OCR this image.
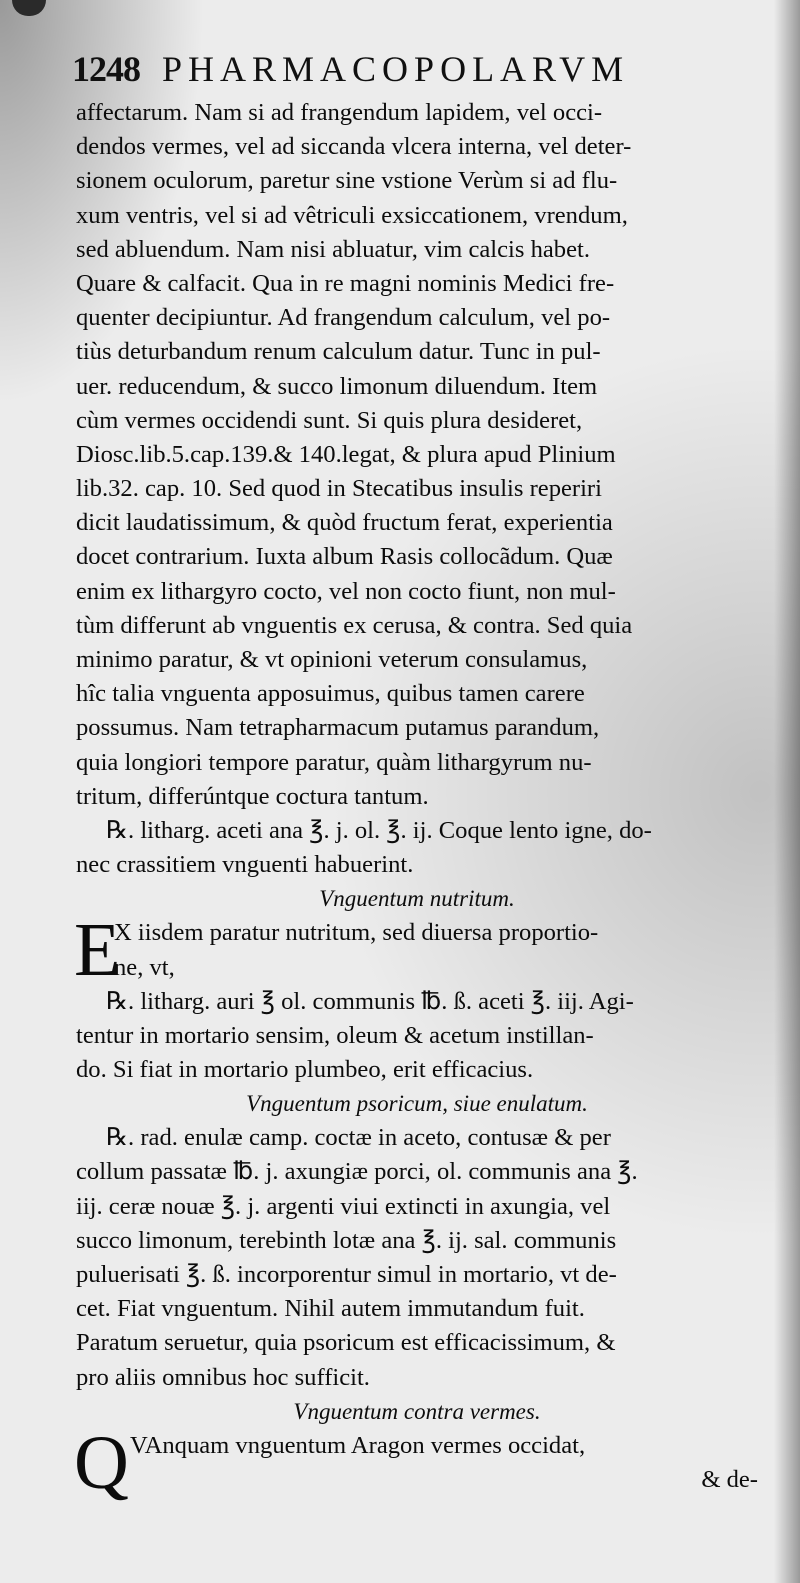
1248 PHARMACOPOLARVM
affectarum. Nam si ad frangendum lapidem, vel occi-
dendos vermes, vel ad siccanda vlcera interna, vel deter-
sionem oculorum, paretur sine vstione Verùm si ad flu-
xum ventris, vel si ad vêtriculi exsiccationem, vrendum,
sed abluendum. Nam nisi abluatur, vim calcis habet.
Quare & calfacit. Qua in re magni nominis Medici fre-
quenter decipiuntur. Ad frangendum calculum, vel po-
tiùs deturbandum renum calculum datur. Tunc in pul-
uer. reducendum, & succo limonum diluendum. Item
cùm vermes occidendi sunt. Si quis plura desideret,
Diosc.lib.5.cap.139.& 140.legat, & plura apud Plinium
lib.32. cap. 10. Sed quod in Stecatibus insulis reperiri
dicit laudatissimum, & quòd fructum ferat, experientia
docet contrarium. Iuxta album Rasis collocãdum. Quæ
enim ex lithargyro cocto, vel non cocto fiunt, non mul-
tùm differunt ab vnguentis ex cerusa, & contra. Sed quia
minimo paratur, & vt opinioni veterum consulamus,
hîc talia vnguenta apposuimus, quibus tamen carere
possumus. Nam tetrapharmacum putamus parandum,
quia longiori tempore paratur, quàm lithargyrum nu-
tritum, differúntque coctura tantum.
℞. litharg. aceti ana ℥. j. ol. ℥. ij. Coque lento igne, do-
nec crassitiem vnguenti habuerint.
Vnguentum nutritum.
E
X iisdem paratur nutritum, sed diuersa proportio-
ne, vt,
℞. litharg. auri ℥ ol. communis ℔. ß. aceti ℥. iij. Agi-
tentur in mortario sensim, oleum & acetum instillan-
do. Si fiat in mortario plumbeo, erit efficacius.
Vnguentum psoricum, siue enulatum.
℞. rad. enulæ camp. coctæ in aceto, contusæ & per
collum passatæ ℔. j. axungiæ porci, ol. communis ana ℥.
iij. ceræ nouæ ℥. j. argenti viui extincti in axungia, vel
succo limonum, terebinth lotæ ana ℥. ij. sal. communis
puluerisati ℥. ß. incorporentur simul in mortario, vt de-
cet. Fiat vnguentum. Nihil autem immutandum fuit.
Paratum seruetur, quia psoricum est efficacissimum, &
pro aliis omnibus hoc sufficit.
Vnguentum contra vermes.
Q VAnquam vnguentum Aragon vermes occidat,
& de-
